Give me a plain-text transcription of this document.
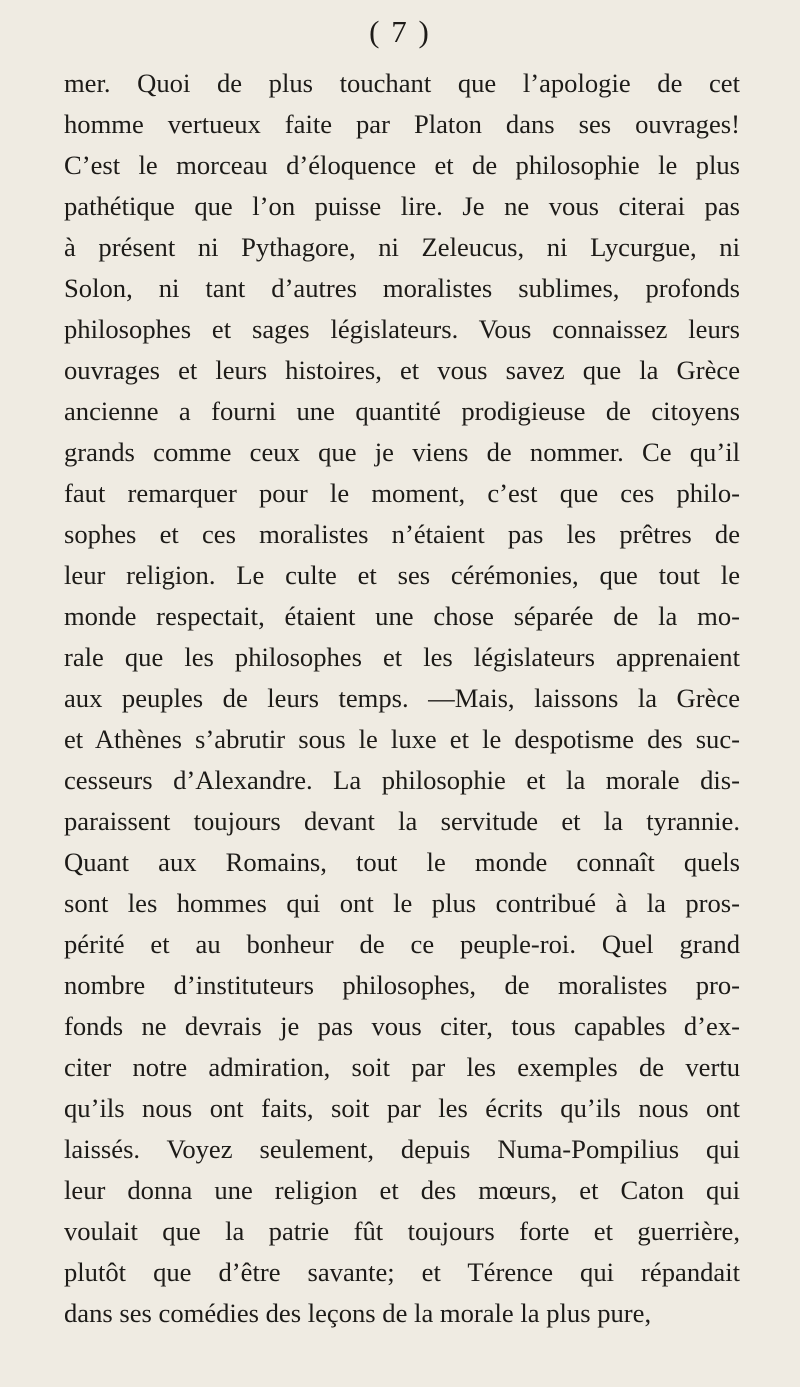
( 7 )

mer. Quoi de plus touchant que l’apologie de cet
homme vertueux faite par Platon dans ses ouvrages!
C’est le morceau d’éloquence et de philosophie le plus
pathétique que l’on puisse lire. Je ne vous citerai pas
à présent ni Pythagore, ni Zeleucus, ni Lycurgue, ni
Solon, ni tant d’autres moralistes sublimes, profonds
philosophes et sages législateurs. Vous connaissez leurs
ouvrages et leurs histoires, et vous savez que la Grèce
ancienne a fourni une quantité prodigieuse de citoyens
grands comme ceux que je viens de nommer. Ce qu’il
faut remarquer pour le moment, c’est que ces philo-
sophes et ces moralistes n’étaient pas les prêtres de
leur religion. Le culte et ses cérémonies, que tout le
monde respectait, étaient une chose séparée de la mo-
rale que les philosophes et les législateurs apprenaient
aux peuples de leurs temps. —Mais, laissons la Grèce
et Athènes s’abrutir sous le luxe et le despotisme des suc-
cesseurs d’Alexandre. La philosophie et la morale dis-
paraissent toujours devant la servitude et la tyrannie.
Quant aux Romains, tout le monde connaît quels
sont les hommes qui ont le plus contribué à la pros-
périté et au bonheur de ce peuple-roi. Quel grand
nombre d’instituteurs philosophes, de moralistes pro-
fonds ne devrais je pas vous citer, tous capables d’ex-
citer notre admiration, soit par les exemples de vertu
qu’ils nous ont faits, soit par les écrits qu’ils nous ont
laissés. Voyez seulement, depuis Numa-Pompilius qui
leur donna une religion et des mœurs, et Caton qui
voulait que la patrie fût toujours forte et guerrière,
plutôt que d’être savante; et Térence qui répandait
dans ses comédies des leçons de la morale la plus pure,
